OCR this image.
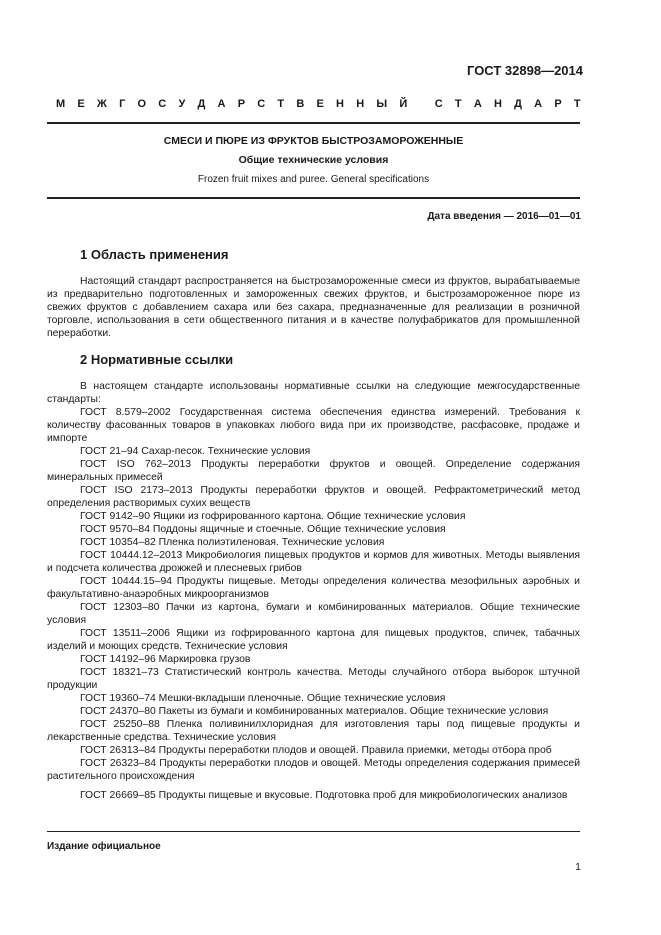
ГОСТ 32898—2014
М Е Ж Г О С У Д А Р С Т В Е Н Н Ы Й
С Т А Н Д А Р Т
СМЕСИ И ПЮРЕ ИЗ ФРУКТОВ БЫСТРОЗАМОРОЖЕННЫЕ
Общие технические условия
Frozen fruit mixes and puree. General specifications
Дата введения — 2016—01—01
1 Область применения
Настоящий стандарт распространяется на быстрозамороженные смеси из фруктов, вырабатываемые из предварительно подготовленных и замороженных свежих фруктов, и быстрозамороженное пюре из свежих фруктов с добавлением сахара или без сахара, предназначенные для реализации в розничной торговле, использования в сети общественного питания и в качестве полуфабрикатов для промышленной переработки.
2 Нормативные ссылки
В настоящем стандарте использованы нормативные ссылки на следующие межгосударственные стандарты:
ГОСТ 8.579–2002 Государственная система обеспечения единства измерений. Требования к количеству фасованных товаров в упаковках любого вида при их производстве, расфасовке, продаже и импорте
ГОСТ 21–94 Сахар-песок. Технические условия
ГОСТ ISO 762–2013 Продукты переработки фруктов и овощей. Определение содержания минеральных примесей
ГОСТ ISO 2173–2013 Продукты переработки фруктов и овощей. Рефрактометрический метод определения растворимых сухих веществ
ГОСТ 9142–90 Ящики из гофрированного картона. Общие технические условия
ГОСТ 9570–84 Поддоны ящичные и стоечные. Общие технические условия
ГОСТ 10354–82 Пленка полиэтиленовая. Технические условия
ГОСТ 10444.12–2013 Микробиология пищевых продуктов и кормов для животных. Методы выявления и подсчета количества дрожжей и плесневых грибов
ГОСТ 10444.15–94 Продукты пищевые. Методы определения количества мезофильных аэробных и факультативно-анаэробных микроорганизмов
ГОСТ 12303–80 Пачки из картона, бумаги и комбинированных материалов. Общие технические условия
ГОСТ 13511–2006 Ящики из гофрированного картона для пищевых продуктов, спичек, табачных изделий и моющих средств. Технические условия
ГОСТ 14192–96 Маркировка грузов
ГОСТ 18321–73 Статистический контроль качества. Методы случайного отбора выборок штучной продукции
ГОСТ 19360–74 Мешки-вкладыши пленочные. Общие технические условия
ГОСТ 24370–80 Пакеты из бумаги и комбинированных материалов. Общие технические условия
ГОСТ 25250–88 Пленка поливинилхлоридная для изготовления тары под пищевые продукты и лекарственные средства. Технические условия
ГОСТ 26313–84 Продукты переработки плодов и овощей. Правила приемки, методы отбора проб
ГОСТ 26323–84 Продукты переработки плодов и овощей. Методы определения содержания примесей растительного происхождения
ГОСТ 26669–85 Продукты пищевые и вкусовые. Подготовка проб для микробиологических анализов
Издание официальное
1
